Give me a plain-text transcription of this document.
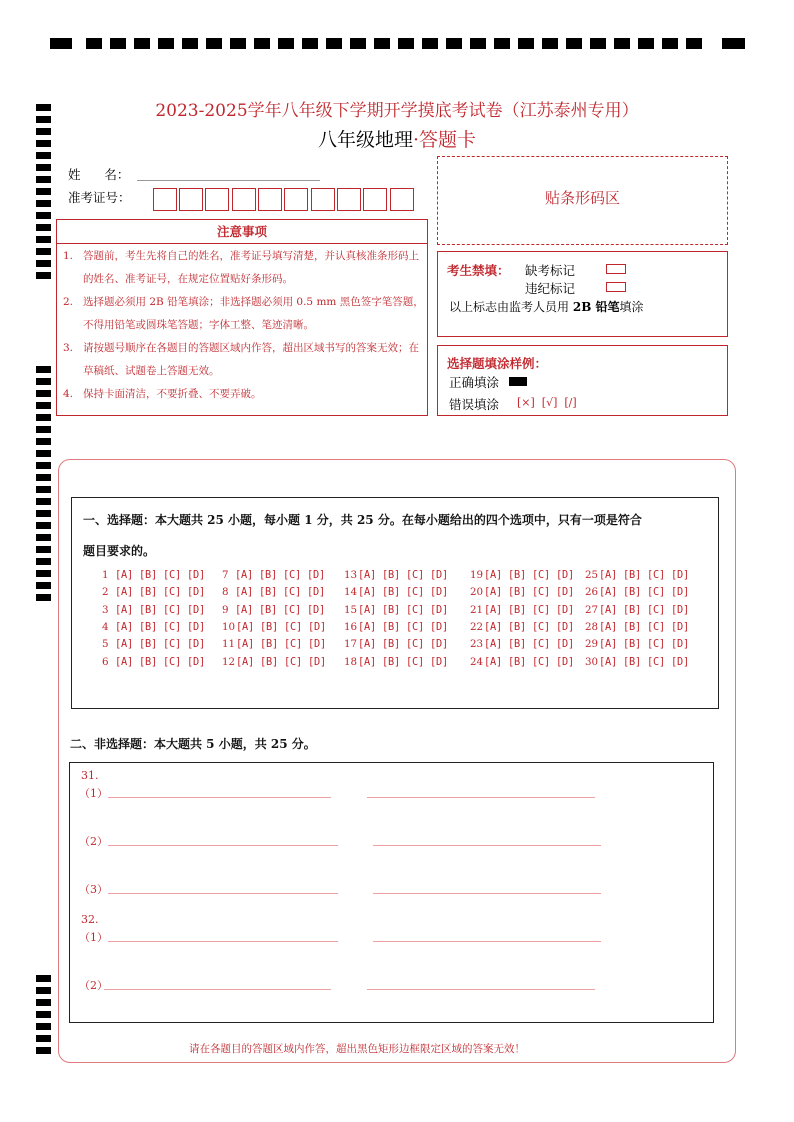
2023-2025学年八年级下学期开学摸底考试卷（江苏泰州专用）
八年级地理·答题卡
姓      名：
准考证号：	贴条形码区
注意事项
1. 答题前，考生先将自己的姓名，准考证号填写清楚，并认真核准条形码上的姓名、准考证号，在规定位置贴好条形码。
2. 选择题必须用 2B 铅笔填涂；非选择题必须用 0.5 mm 黑色签字笔答题，不得用铅笔或圆珠笔答题；字体工整、笔迹清晰。
3. 请按题号顺序在各题目的答题区域内作答，超出区域书写的答案无效；在草稿纸、试题卷上答题无效。
4. 保持卡面清洁，不要折叠、不要弄破。
考生禁填： 缺考标记
违纪标记
以上标志由监考人员用 2B 铅笔填涂
选择题填涂样例：
正确填涂
错误填涂 [×]  [√]  [/]
一、选择题：本大题共 25 小题，每小题 1 分，共 25 分。在每小题给出的四个选项中，只有一项是符合
题目要求的。
1 [A] [B] [C] [D]
2 [A] [B] [C] [D]
3 [A] [B] [C] [D]
4 [A] [B] [C] [D]
5 [A] [B] [C] [D]
6 [A] [B] [C] [D]
7 [A] [B] [C] [D]
8 [A] [B] [C] [D]
9 [A] [B] [C] [D]
10 [A] [B] [C] [D]
11 [A] [B] [C] [D]
12 [A] [B] [C] [D]
13 [A] [B] [C] [D]
14 [A] [B] [C] [D]
15 [A] [B] [C] [D]
16 [A] [B] [C] [D]
17 [A] [B] [C] [D]
18 [A] [B] [C] [D]
19 [A] [B] [C] [D]
20 [A] [B] [C] [D]
21 [A] [B] [C] [D]
22 [A] [B] [C] [D]
23 [A] [B] [C] [D]
24 [A] [B] [C] [D]
25 [A] [B] [C] [D]
26 [A] [B] [C] [D]
27 [A] [B] [C] [D]
28 [A] [B] [C] [D]
29 [A] [B] [C] [D]
30 [A] [B] [C] [D]
二、非选择题：本大题共 5 小题，共 25 分。
31.
（1）
（2）
（3）
32.
（1）
（2）
请在各题目的答题区域内作答，超出黑色矩形边框限定区域的答案无效！
